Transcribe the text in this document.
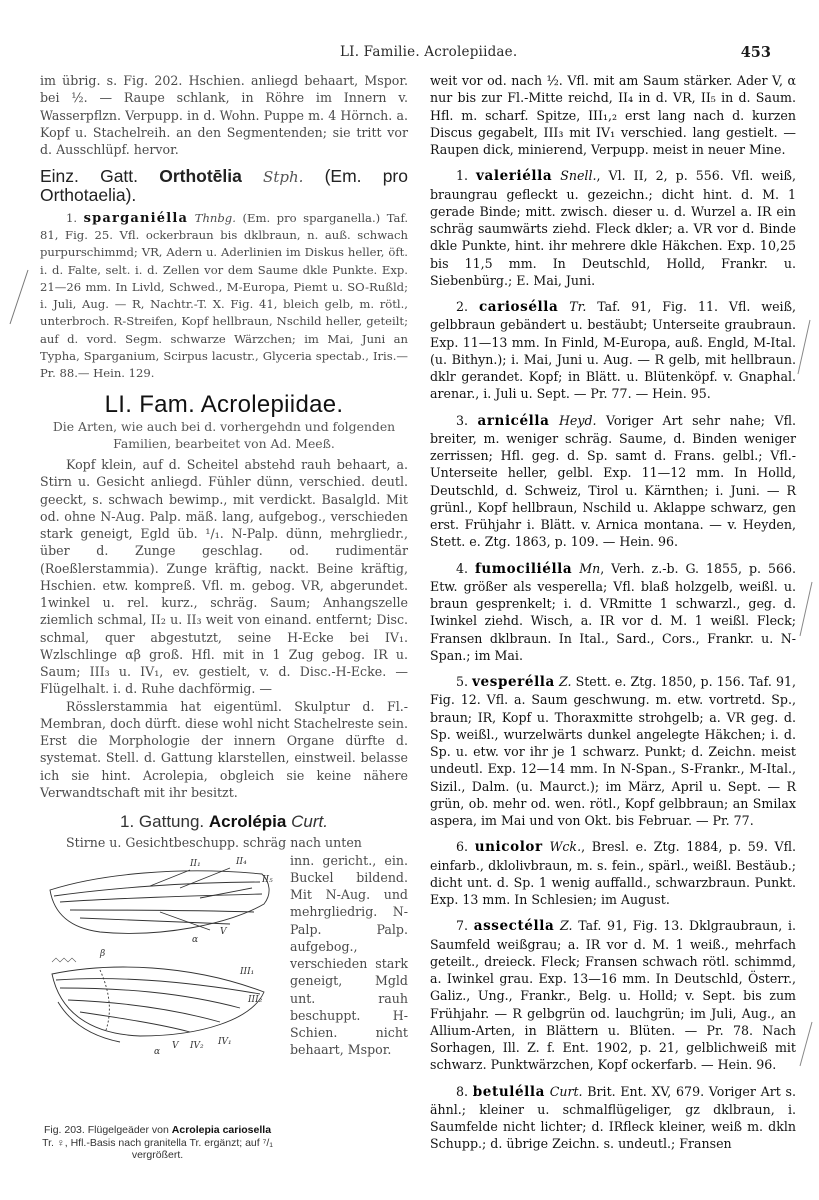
LI. Familie. Acrolepiidae.	453

im übrig. s. Fig. 202. Hschien. anliegd behaart, Mspor. bei ½. — Raupe schlank, in Röhre im Innern v. Wasserpflzn. Verpupp. in d. Wohn. Puppe m. 4 Hörnch. a. Kopf u. Stachelreih. an den Segmentenden; sie tritt vor d. Ausschlüpf. hervor.

Einz. Gatt. Orthotēlia Stph. (Em. pro Orthotaelia).

1. sparganiélla Thnbg. (Em. pro sparganella.) Taf. 81, Fig. 25. Vfl. ockerbraun bis dklbraun, n. auß. schwach purpurschimmd; VR, Adern u. Aderlinien im Diskus heller, öft. i. d. Falte, selt. i. d. Zellen vor dem Saume dkle Punkte. Exp. 21—26 mm. In Livld, Schwed., M-Europa, Piemt u. SO-Rußld; i. Juli, Aug. — R, Nachtr.-T. X. Fig. 41, bleich gelb, m. rötl., unterbroch. R-Streifen, Kopf hellbraun, Nschild heller, geteilt; auf d. vord. Segm. schwarze Wärzchen; im Mai, Juni an Typha, Sparganium, Scirpus lacustr., Glyceria spectab., Iris.— Pr. 88.— Hein. 129.

LI. Fam. Acrolepiidae.

Die Arten, wie auch bei d. vorhergehdn und folgenden Familien, bearbeitet von Ad. Meeß.

Kopf klein, auf d. Scheitel abstehd rauh behaart, a. Stirn u. Gesicht anliegd. Fühler dünn, verschied. deutl. geeckt, s. schwach bewimp., mit verdickt. Basalgld. Mit od. ohne N-Aug. Palp. mäß. lang, aufgebog., verschieden stark geneigt, Egld üb. ¹/₁. N-Palp. dünn, mehrgliedr., über d. Zunge geschlag. od. rudimentär (Roeßlerstammia). Zunge kräftig, nackt. Beine kräftig, Hschien. etw. kompreß. Vfl. m. gebog. VR, abgerundet. 1winkel u. rel. kurz., schräg. Saum; Anhangszelle ziemlich schmal, II₂ u. II₃ weit von einand. entfernt; Disc. schmal, quer abgestutzt, seine H-Ecke bei IV₁. Wzlschlinge αβ groß. Hfl. mit in 1 Zug gebog. IR u. Saum; III₃ u. IV₁, ev. gestielt, v. d. Disc.-H-Ecke. — Flügelhalt. i. d. Ruhe dachförmig. —

Rösslerstammia hat eigentüml. Skulptur d. Fl.-Membran, doch dürft. diese wohl nicht Stachelreste sein. Erst die Morphologie der innern Organe dürfte d. systemat. Stell. d. Gattung klarstellen, einstweil. belasse ich sie hint. Acrolepia, obgleich sie keine nähere Verwandtschaft mit ihr besitzt.

1. Gattung. Acrolépia Curt.

Stirne u. Gesichtbeschupp. schräg nach unten

II₁	II₄
II₅
α
V
β
III₁
III₂
IV₁
IV₂
α
V
inn. gericht., ein. Buckel bildend. Mit N-Aug. und mehrgliedrig. N-Palp. Palp. aufgebog., verschieden stark geneigt, Mgld unt. rauh beschuppt. H-Schien. nicht behaart, Mspor.
Fig. 203. Flügelgeäder von Acrolepia cariosella Tr. ♀, Hfl.-Basis nach granitella Tr. ergänzt; auf ⁷/₁ vergrößert.

weit vor od. nach ½. Vfl. mit am Saum stärker. Ader V, α nur bis zur Fl.-Mitte reichd, II₄ in d. VR, II₅ in d. Saum. Hfl. m. scharf. Spitze, III₁,₂ erst lang nach d. kurzen Discus gegabelt, III₃ mit IV₁ verschied. lang gestielt. — Raupen dick, minierend, Verpupp. meist in neuer Mine.

1. valeriélla Snell., Vl. II, 2, p. 556. Vfl. weiß, braungrau gefleckt u. gezeichn.; dicht hint. d. M. 1 gerade Binde; mitt. zwisch. dieser u. d. Wurzel a. IR ein schräg saumwärts ziehd. Fleck dkler; a. VR vor d. Binde dkle Punkte, hint. ihr mehrere dkle Häkchen. Exp. 10,25 bis 11,5 mm. In Deutschld, Holld, Frankr. u. Siebenbürg.; E. Mai, Juni.

2. cariosélla Tr. Taf. 91, Fig. 11. Vfl. weiß, gelbbraun gebändert u. bestäubt; Unterseite graubraun. Exp. 11—13 mm. In Finld, M-Europa, auß. Engld, M-Ital. (u. Bithyn.); i. Mai, Juni u. Aug. — R gelb, mit hellbraun. dklr gerandet. Kopf; in Blätt. u. Blütenköpf. v. Gnaphal. arenar., i. Juli u. Sept. — Pr. 77. — Hein. 95.

3. arnicélla Heyd. Voriger Art sehr nahe; Vfl. breiter, m. weniger schräg. Saume, d. Binden weniger zerrissen; Hfl. geg. d. Sp. samt d. Frans. gelbl.; Vfl.-Unterseite heller, gelbl. Exp. 11—12 mm. In Holld, Deutschld, d. Schweiz, Tirol u. Kärnthen; i. Juni. — R grünl., Kopf hellbraun, Nschild u. Aklappe schwarz, gen erst. Frühjahr i. Blätt. v. Arnica montana. — v. Heyden, Stett. e. Ztg. 1863, p. 109. — Hein. 96.

4. fumociliélla Mn, Verh. z.-b. G. 1855, p. 566. Etw. größer als vesperella; Vfl. blaß holzgelb, weißl. u. braun gesprenkelt; i. d. VRmitte 1 schwarzl., geg. d. Iwinkel ziehd. Wisch, a. IR vor d. M. 1 weißl. Fleck; Fransen dklbraun. In Ital., Sard., Cors., Frankr. u. N-Span.; im Mai.

5. vesperélla Z. Stett. e. Ztg. 1850, p. 156. Taf. 91, Fig. 12. Vfl. a. Saum geschwung. m. etw. vortretd. Sp., braun; IR, Kopf u. Thoraxmitte strohgelb; a. VR geg. d. Sp. weißl., wurzelwärts dunkel angelegte Häkchen; i. d. Sp. u. etw. vor ihr je 1 schwarz. Punkt; d. Zeichn. meist undeutl. Exp. 12—14 mm. In N-Span., S-Frankr., M-Ital., Sizil., Dalm. (u. Maurct.); im März, April u. Sept. — R grün, ob. mehr od. wen. rötl., Kopf gelbbraun; an Smilax aspera, im Mai und von Okt. bis Februar. — Pr. 77.

6. unicolor Wck., Bresl. e. Ztg. 1884, p. 59. Vfl. einfarb., dklolivbraun, m. s. fein., spärl., weißl. Bestäub.; dicht unt. d. Sp. 1 wenig auffalld., schwarzbraun. Punkt. Exp. 13 mm. In Schlesien; im August.

7. assectélla Z. Taf. 91, Fig. 13. Dklgraubraun, i. Saumfeld weißgrau; a. IR vor d. M. 1 weiß., mehrfach geteilt., dreieck. Fleck; Fransen schwach rötl. schimmd, a. Iwinkel grau. Exp. 13—16 mm. In Deutschld, Österr., Galiz., Ung., Frankr., Belg. u. Holld; v. Sept. bis zum Frühjahr. — R gelbgrün od. lauchgrün; im Juli, Aug., an Allium-Arten, in Blättern u. Blüten. — Pr. 78. Nach Sorhagen, Ill. Z. f. Ent. 1902, p. 21, gelblichweiß mit schwarz. Punktwärzchen, Kopf ockerfarb. — Hein. 96.

8. betulélla Curt. Brit. Ent. XV, 679. Voriger Art s. ähnl.; kleiner u. schmalflügeliger, gz dklbraun, i. Saumfelde nicht lichter; d. IRfleck kleiner, weiß m. dkln Schupp.; d. übrige Zeichn. s. undeutl.; Fransen
